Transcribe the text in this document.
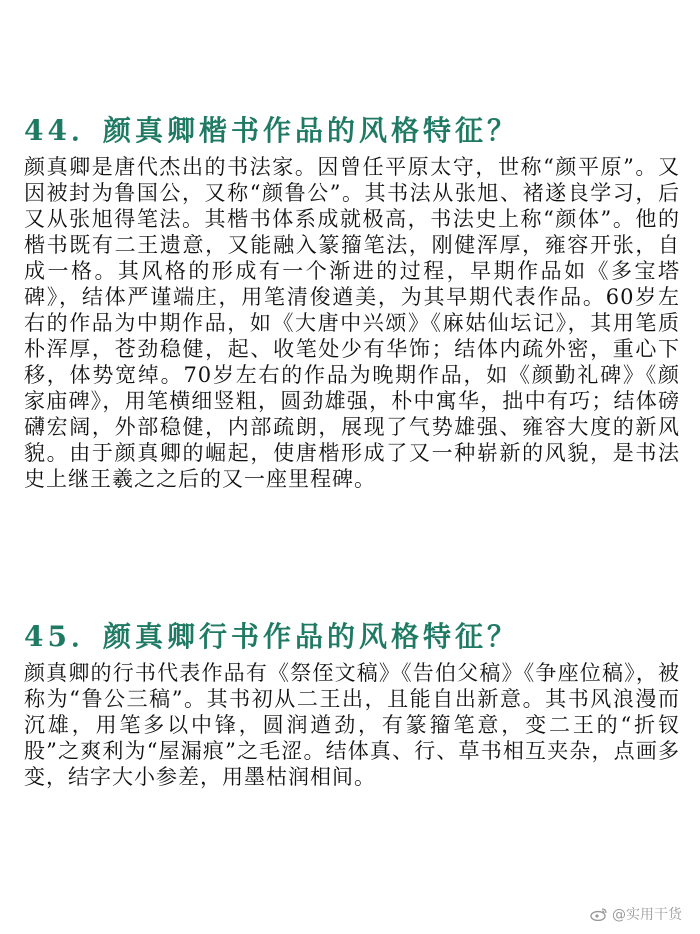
44．颜真卿楷书作品的风格特征？

颜真卿是唐代杰出的书法家。因曾任平原太守，世称“颜平原”。又因被封为鲁国公，又称“颜鲁公”。其书法从张旭、褚遂良学习，后又从张旭得笔法。其楷书体系成就极高，书法史上称“颜体”。他的楷书既有二王遗意，又能融入篆籀笔法，刚健浑厚，雍容开张，自成一格。其风格的形成有一个渐进的过程，早期作品如《多宝塔碑》，结体严谨端庄，用笔清俊遒美，为其早期代表作品。60岁左右的作品为中期作品，如《大唐中兴颂》《麻姑仙坛记》，其用笔质朴浑厚，苍劲稳健，起、收笔处少有华饰；结体内疏外密，重心下移，体势宽绰。70岁左右的作品为晚期作品，如《颜勤礼碑》《颜家庙碑》，用笔横细竖粗，圆劲雄强，朴中寓华，拙中有巧；结体磅礴宏阔，外部稳健，内部疏朗，展现了气势雄强、雍容大度的新风貌。由于颜真卿的崛起，使唐楷形成了又一种崭新的风貌，是书法史上继王羲之之后的又一座里程碑。

45．颜真卿行书作品的风格特征？

颜真卿的行书代表作品有《祭侄文稿》《告伯父稿》《争座位稿》，被称为“鲁公三稿”。其书初从二王出，且能自出新意。其书风浪漫而沉雄，用笔多以中锋，圆润遒劲，有篆籀笔意，变二王的“折钗股”之爽利为“屋漏痕”之毛涩。结体真、行、草书相互夹杂，点画多变，结字大小参差，用墨枯润相间。

@实用干货
